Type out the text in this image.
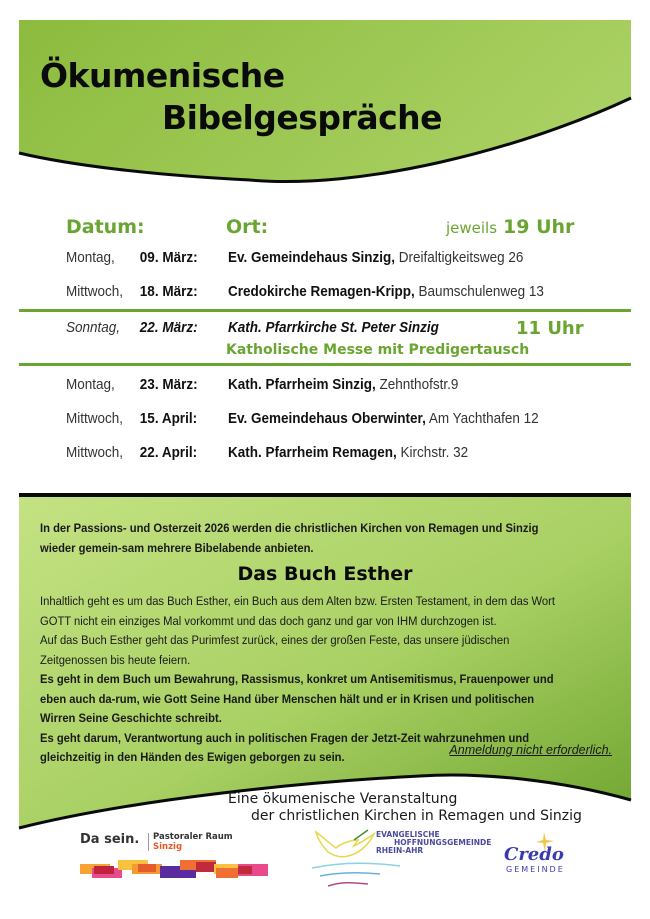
Ökumenische
Bibelgespräche
Datum:	Ort:	jeweils 19 Uhr
Montag, 09. März: Ev. Gemeindehaus Sinzig, Dreifaltigkeitsweg 26
Mittwoch, 18. März: Credokirche Remagen-Kripp, Baumschulenweg 13
Sonntag, 22. März: Kath. Pfarrkirche St. Peter Sinzig	11 Uhr
Katholische Messe mit Predigertausch
Montag, 23. März: Kath. Pfarrheim Sinzig, Zehnthofstr.9
Mittwoch, 15. April: Ev. Gemeindehaus Oberwinter, Am Yachthafen 12
Mittwoch, 22. April: Kath. Pfarrheim Remagen, Kirchstr. 32

In der Passions- und Osterzeit 2026 werden die christlichen Kirchen von Remagen und Sinzig wieder gemein-sam mehrere Bibelabende anbieten.

Das Buch Esther

Inhaltlich geht es um das Buch Esther, ein Buch aus dem Alten bzw. Ersten Testament, in dem das Wort GOTT nicht ein einziges Mal vorkommt und das doch ganz und gar von IHM durchzogen ist.

Auf das Buch Esther geht das Purimfest zurück, eines der großen Feste, das unsere jüdischen Zeitgenossen bis heute feiern.

Es geht in dem Buch um Bewahrung, Rassismus, konkret um Antisemitismus, Frauenpower und eben auch da-rum, wie Gott Seine Hand über Menschen hält und er in Krisen und politischen Wirren Seine Geschichte schreibt.

Es geht darum, Verantwortung auch in politischen Fragen der Jetzt-Zeit wahrzunehmen und gleichzeitig in den Händen des Ewigen geborgen zu sein.	Anmeldung nicht erforderlich.
Eine ökumenische Veranstaltung
der christlichen Kirchen in Remagen und Sinzig
Da sein. Pastoraler Raum
Sinzig
EVANGELISCHE
HOFFNUNGSGEMEINDE
RHEIN-AHR	Credo
GEMEINDE
